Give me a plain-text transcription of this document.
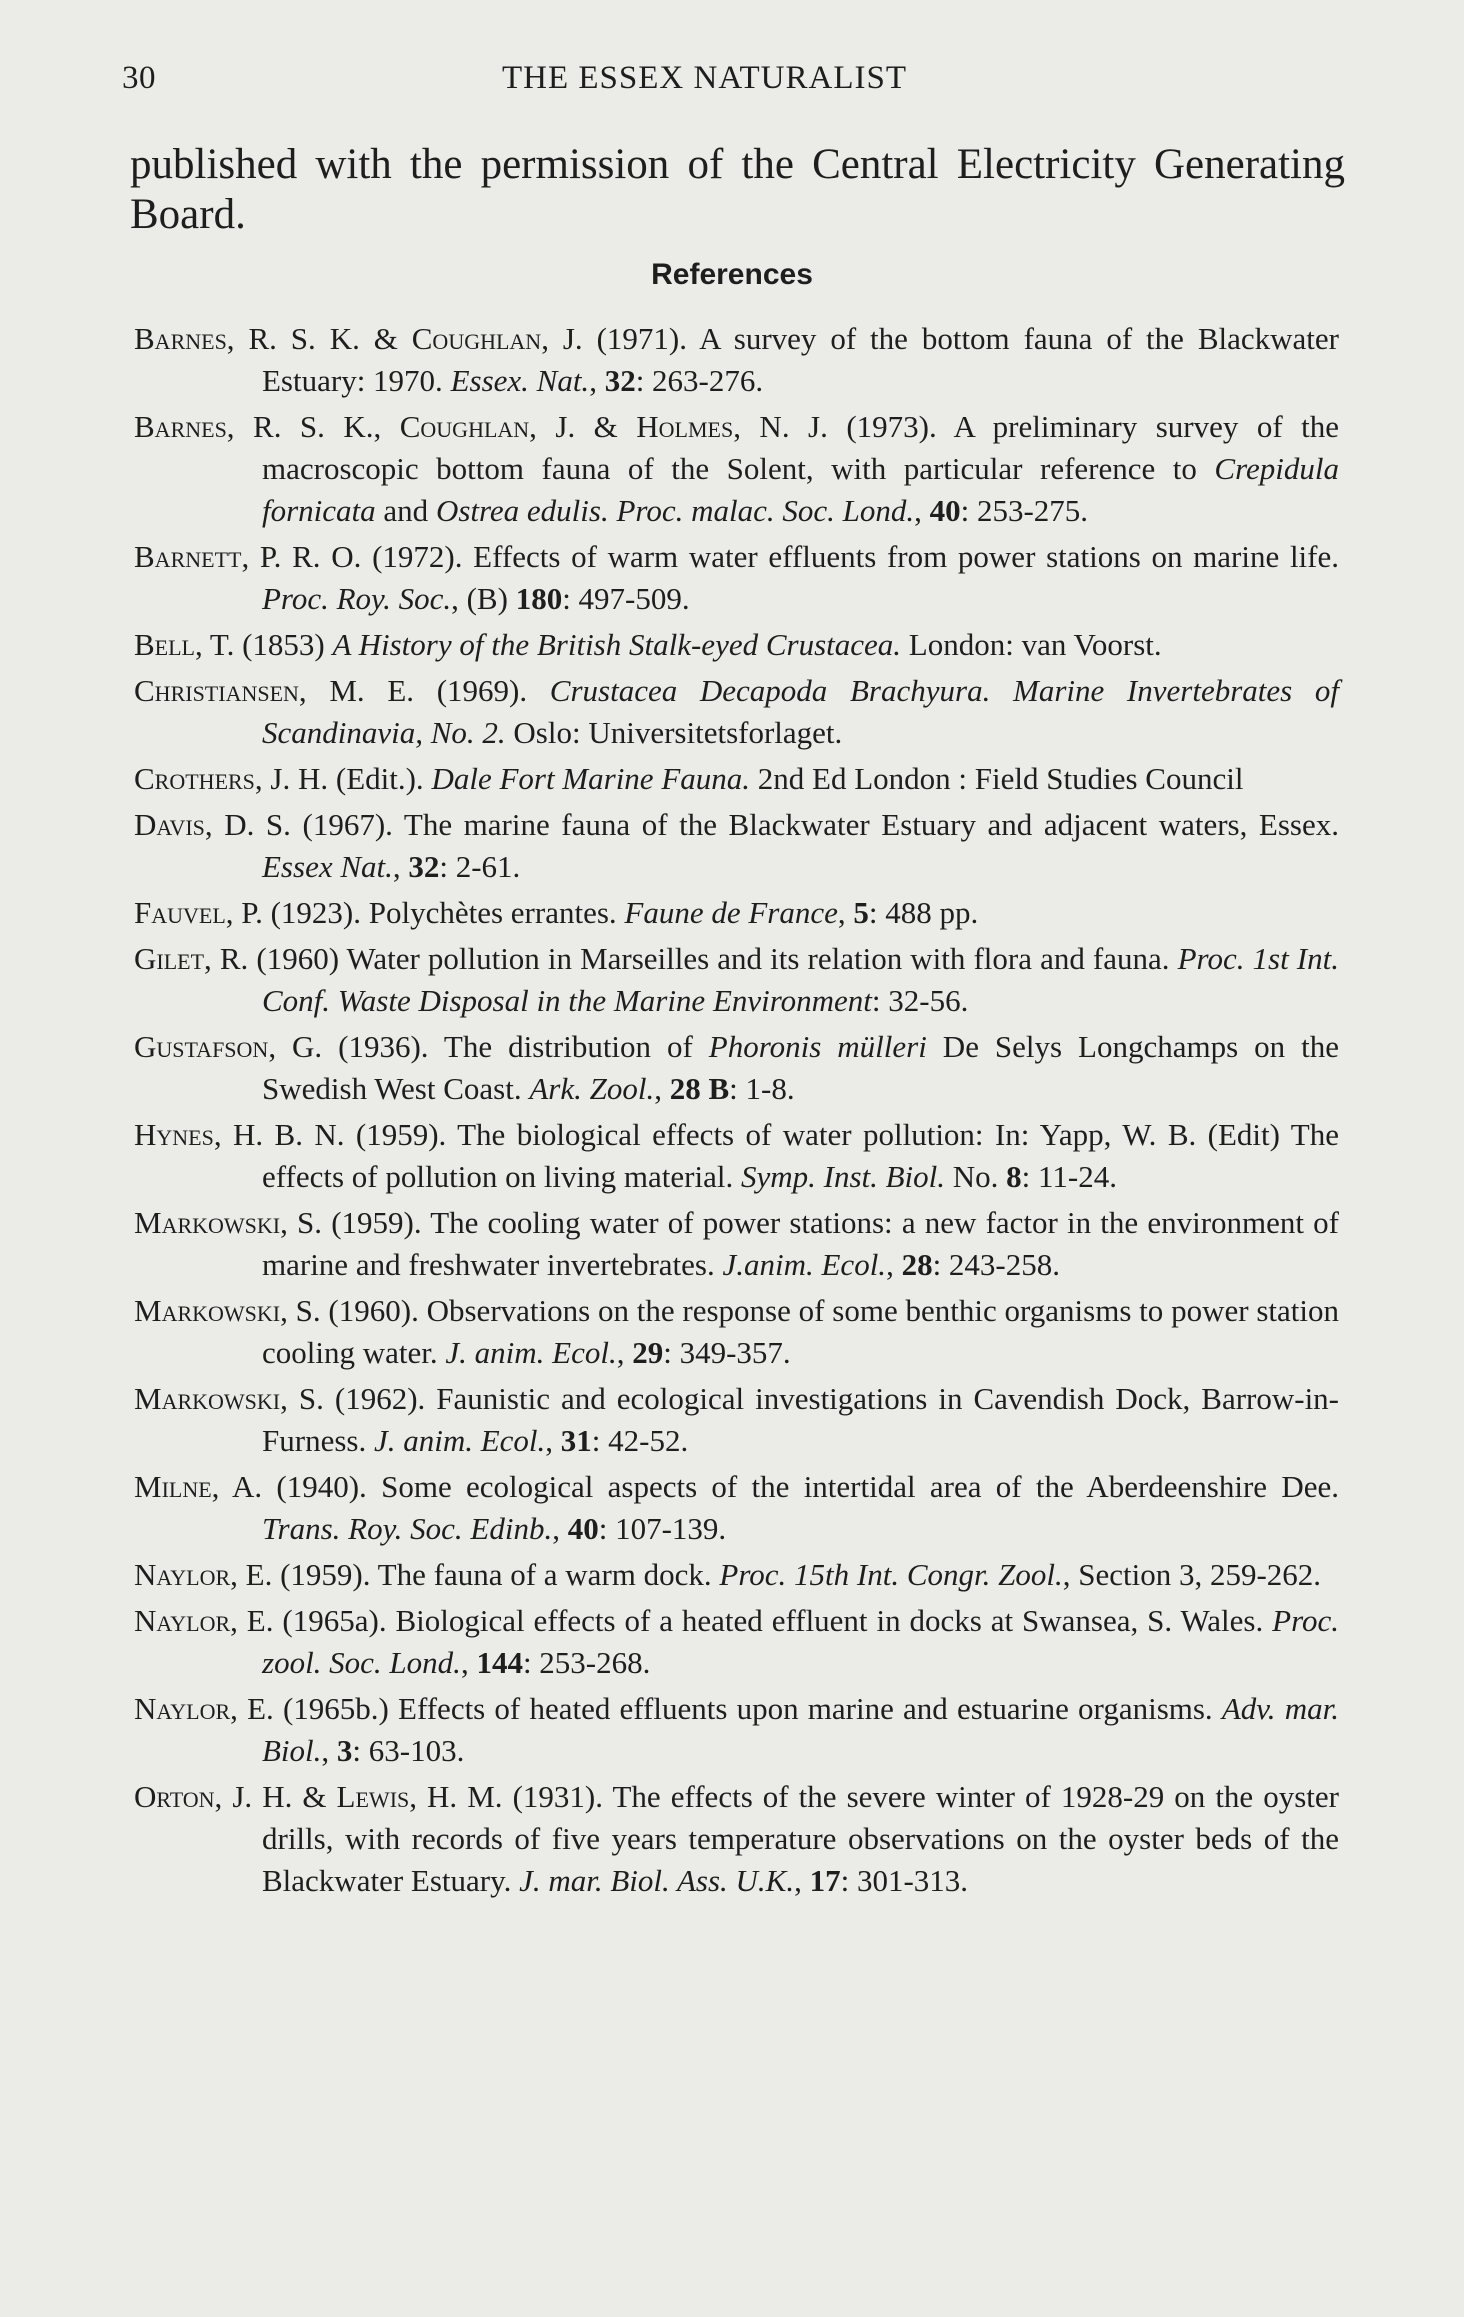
30	THE ESSEX NATURALIST
published with the permission of the Central Electricity Generating Board.
References
Barnes, R. S. K. & Coughlan, J. (1971). A survey of the bottom fauna of the Blackwater Estuary: 1970. Essex. Nat., 32: 263-276.
Barnes, R. S. K., Coughlan, J. & Holmes, N. J. (1973). A preliminary survey of the macroscopic bottom fauna of the Solent, with particular reference to Crepidula fornicata and Ostrea edulis. Proc. malac. Soc. Lond., 40: 253-275.
Barnett, P. R. O. (1972). Effects of warm water effluents from power stations on marine life. Proc. Roy. Soc., (B) 180: 497-509.
Bell, T. (1853) A History of the British Stalk-eyed Crustacea. London: van Voorst.
Christiansen, M. E. (1969). Crustacea Decapoda Brachyura. Marine Invertebrates of Scandinavia, No. 2. Oslo: Universitetsforlaget.
Crothers, J. H. (Edit.). Dale Fort Marine Fauna. 2nd Ed London : Field Studies Council
Davis, D. S. (1967). The marine fauna of the Blackwater Estuary and adjacent waters, Essex. Essex Nat., 32: 2-61.
Fauvel, P. (1923). Polychètes errantes. Faune de France, 5: 488 pp.
Gilet, R. (1960) Water pollution in Marseilles and its relation with flora and fauna. Proc. 1st Int. Conf. Waste Disposal in the Marine Environment: 32-56.
Gustafson, G. (1936). The distribution of Phoronis mülleri De Selys Longchamps on the Swedish West Coast. Ark. Zool., 28 B: 1-8.
Hynes, H. B. N. (1959). The biological effects of water pollution: In: Yapp, W. B. (Edit) The effects of pollution on living material. Symp. Inst. Biol. No. 8: 11-24.
Markowski, S. (1959). The cooling water of power stations: a new factor in the environment of marine and freshwater invertebrates. J.anim. Ecol., 28: 243-258.
Markowski, S. (1960). Observations on the response of some benthic organisms to power station cooling water. J. anim. Ecol., 29: 349-357.
Markowski, S. (1962). Faunistic and ecological investigations in Cavendish Dock, Barrow-in-Furness. J. anim. Ecol., 31: 42-52.
Milne, A. (1940). Some ecological aspects of the intertidal area of the Aberdeenshire Dee. Trans. Roy. Soc. Edinb., 40: 107-139.
Naylor, E. (1959). The fauna of a warm dock. Proc. 15th Int. Congr. Zool., Section 3, 259-262.
Naylor, E. (1965a). Biological effects of a heated effluent in docks at Swansea, S. Wales. Proc. zool. Soc. Lond., 144: 253-268.
Naylor, E. (1965b.) Effects of heated effluents upon marine and estuarine organisms. Adv. mar. Biol., 3: 63-103.
Orton, J. H. & Lewis, H. M. (1931). The effects of the severe winter of 1928-29 on the oyster drills, with records of five years temperature observations on the oyster beds of the Blackwater Estuary. J. mar. Biol. Ass. U.K., 17: 301-313.
